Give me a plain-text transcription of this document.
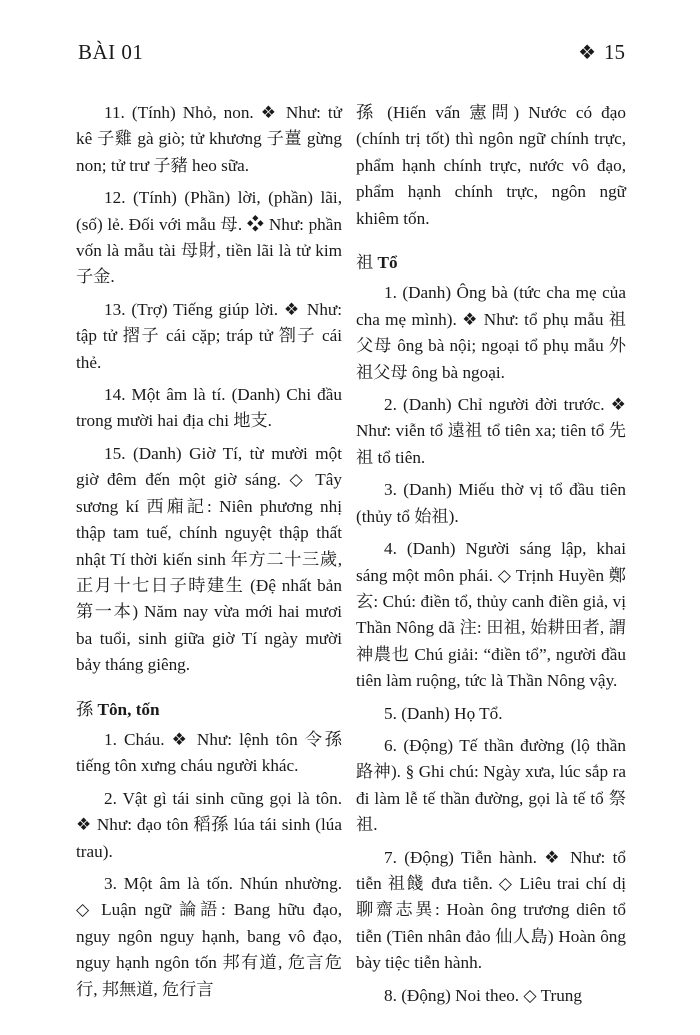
BÀI 01	❖ 15

11. (Tính) Nhỏ, non. ❖ Như: tử kê 子雞 gà giò; tử khương 子薑 gừng non; tử trư 子豬 heo sữa.

12. (Tính) (Phần) lời, (phần) lãi, (số) lẻ. Đối với mẫu 母. ❖ Như: phần vốn là mẫu tài 母財, tiền lãi là tử kim 子金.

13. (Trợ) Tiếng giúp lời. ❖ Như: tập tử 摺子 cái cặp; tráp tử 劄子 cái thẻ.

14. Một âm là tí. (Danh) Chi đầu trong mười hai địa chi 地支.

15. (Danh) Giờ Tí, từ mười một giờ đêm đến một giờ sáng. ◇ Tây sương kí 西廂記: Niên phương nhị thập tam tuế, chính nguyệt thập thất nhật Tí thời kiến sinh 年方二十三歲, 正月十七日子時建生 (Đệ nhất bản 第一本) Năm nay vừa mới hai mươi ba tuổi, sinh giữa giờ Tí ngày mười bảy tháng giêng.

孫 Tôn, tốn

1. Cháu. ❖ Như: lệnh tôn 令孫 tiếng tôn xưng cháu người khác.

2. Vật gì tái sinh cũng gọi là tôn. ❖ Như: đạo tôn 稻孫 lúa tái sinh (lúa trau).

3. Một âm là tốn. Nhún nhường. ◇ Luận ngữ 論語: Bang hữu đạo, nguy ngôn nguy hạnh, bang vô đạo, nguy hạnh ngôn tốn 邦有道, 危言危行, 邦無道, 危行言

孫 (Hiến vấn 憲問) Nước có đạo (chính trị tốt) thì ngôn ngữ chính trực, phẩm hạnh chính trực, nước vô đạo, phẩm hạnh chính trực, ngôn ngữ khiêm tốn.

祖 Tổ

1. (Danh) Ông bà (tức cha mẹ của cha mẹ mình). ❖ Như: tổ phụ mẫu 祖父母 ông bà nội; ngoại tổ phụ mẫu 外祖父母 ông bà ngoại.

2. (Danh) Chỉ người đời trước. ❖ Như: viễn tổ 遠祖 tổ tiên xa; tiên tổ 先祖 tổ tiên.

3. (Danh) Miếu thờ vị tổ đầu tiên (thủy tổ 始祖).

4. (Danh) Người sáng lập, khai sáng một môn phái. ◇ Trịnh Huyền 鄭玄: Chú: điền tổ, thủy canh điền giả, vị Thần Nông dã 注: 田祖, 始耕田者, 謂神農也 Chú giải: “điền tổ”, người đầu tiên làm ruộng, tức là Thần Nông vậy.

5. (Danh) Họ Tổ.

6. (Động) Tế thần đường (lộ thần 路神). § Ghi chú: Ngày xưa, lúc sắp ra đi làm lễ tế thần đường, gọi là tế tổ 祭祖.

7. (Động) Tiễn hành. ❖ Như: tổ tiễn 祖餞 đưa tiễn. ◇ Liêu trai chí dị 聊齋志異: Hoàn ông trương diên tổ tiễn (Tiên nhân đảo 仙人島) Hoàn ông bày tiệc tiễn hành.

8. (Động) Noi theo. ◇ Trung
